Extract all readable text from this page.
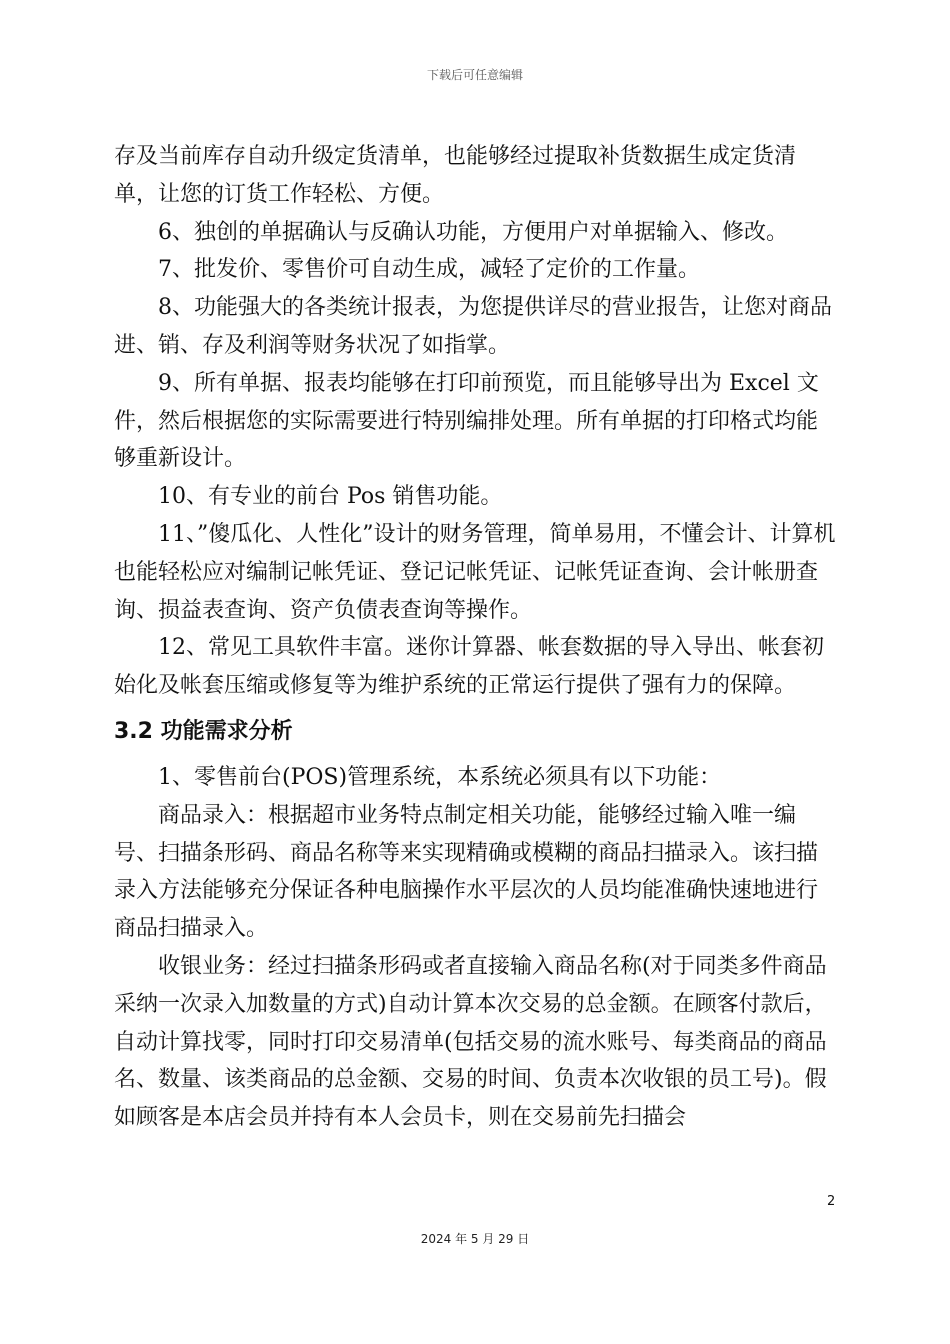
下载后可任意编辑

存及当前库存自动升级定货清单，也能够经过提取补货数据生成定货清单，让您的订货工作轻松、方便。

6、独创的单据确认与反确认功能，方便用户对单据输入、修改。

7、批发价、零售价可自动生成，减轻了定价的工作量。

8、功能强大的各类统计报表，为您提供详尽的营业报告，让您对商品进、销、存及利润等财务状况了如指掌。

9、所有单据、报表均能够在打印前预览，而且能够导出为 Excel 文件，然后根据您的实际需要进行特别编排处理。所有单据的打印格式均能够重新设计。

10、有专业的前台 Pos 销售功能。

11、”傻瓜化、人性化”设计的财务管理，简单易用，不懂会计、计算机也能轻松应对编制记帐凭证、登记记帐凭证、记帐凭证查询、会计帐册查询、损益表查询、资产负债表查询等操作。

12、常见工具软件丰富。迷你计算器、帐套数据的导入导出、帐套初始化及帐套压缩或修复等为维护系统的正常运行提供了强有力的保障。

3.2 功能需求分析

1、零售前台(POS)管理系统，本系统必须具有以下功能：

商品录入：根据超市业务特点制定相关功能，能够经过输入唯一编号、扫描条形码、商品名称等来实现精确或模糊的商品扫描录入。该扫描录入方法能够充分保证各种电脑操作水平层次的人员均能准确快速地进行商品扫描录入。

收银业务：经过扫描条形码或者直接输入商品名称(对于同类多件商品采纳一次录入加数量的方式)自动计算本次交易的总金额。在顾客付款后，自动计算找零，同时打印交易清单(包括交易的流水账号、每类商品的商品名、数量、该类商品的总金额、交易的时间、负责本次收银的员工号)。假如顾客是本店会员并持有本人会员卡，则在交易前先扫描会

2
2024 年 5 月 29 日
